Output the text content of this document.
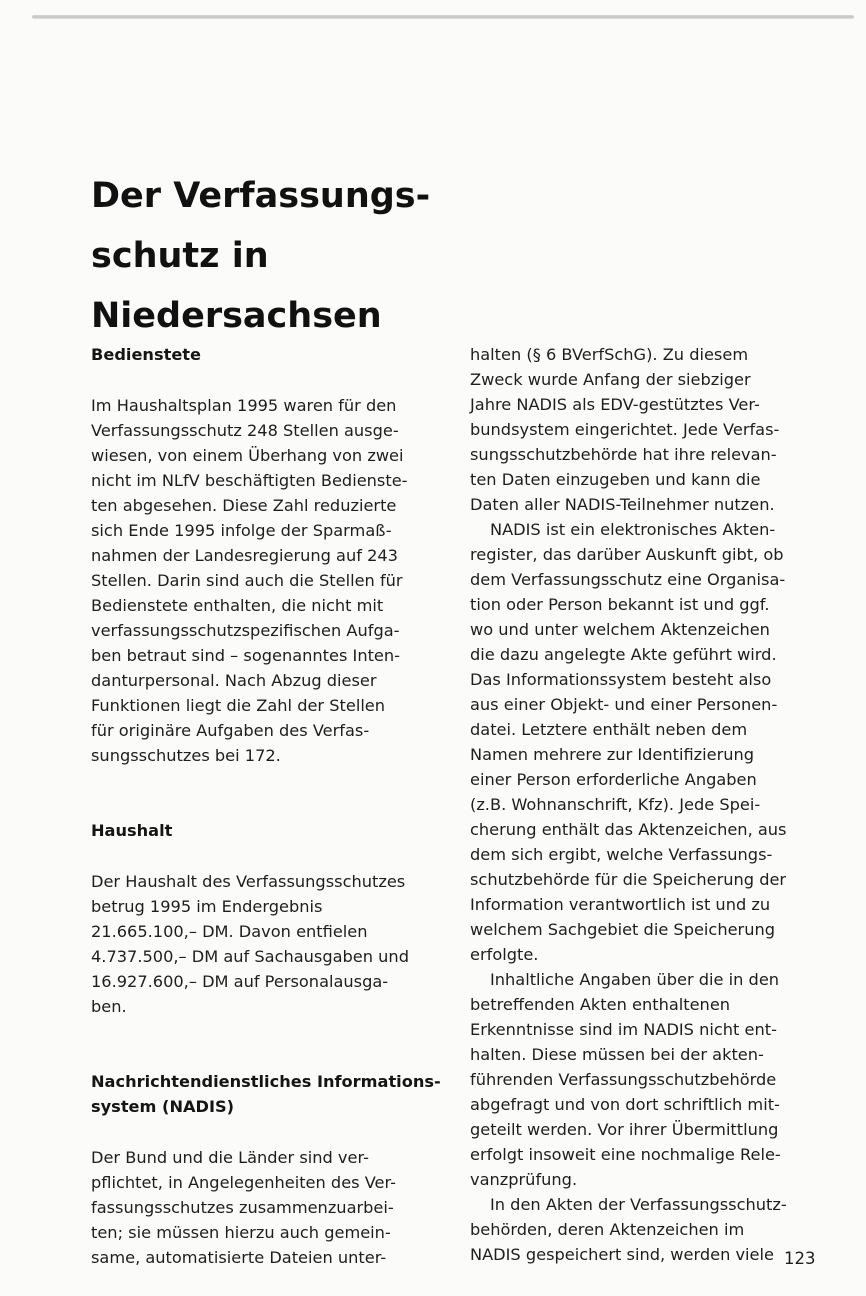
Der Verfassungs-
schutz in
Niedersachsen
Bedienstete

Im Haushaltsplan 1995 waren für den
Verfassungsschutz 248 Stellen ausge-
wiesen, von einem Überhang von zwei
nicht im NLfV beschäftigten Bedienste-
ten abgesehen. Diese Zahl reduzierte
sich Ende 1995 infolge der Sparmaß-
nahmen der Landesregierung auf 243
Stellen. Darin sind auch die Stellen für
Bedienstete enthalten, die nicht mit
verfassungsschutzspezifischen Aufga-
ben betraut sind – sogenanntes Inten-
danturpersonal. Nach Abzug dieser
Funktionen liegt die Zahl der Stellen
für originäre Aufgaben des Verfas-
sungsschutzes bei 172.

Haushalt

Der Haushalt des Verfassungsschutzes
betrug 1995 im Endergebnis
21.665.100,– DM. Davon entfielen
4.737.500,– DM auf Sachausgaben und
16.927.600,– DM auf Personalausga-
ben.

Nachrichtendienstliches Informations-
system (NADIS)

Der Bund und die Länder sind ver-
pflichtet, in Angelegenheiten des Ver-
fassungsschutzes zusammenzuarbei-
ten; sie müssen hierzu auch gemein-
same, automatisierte Dateien unter-

halten (§ 6 BVerfSchG). Zu diesem
Zweck wurde Anfang der siebziger
Jahre NADIS als EDV-gestütztes Ver-
bundsystem eingerichtet. Jede Verfas-
sungsschutzbehörde hat ihre relevan-
ten Daten einzugeben und kann die
Daten aller NADIS-Teilnehmer nutzen.

NADIS ist ein elektronisches Akten-
register, das darüber Auskunft gibt, ob
dem Verfassungsschutz eine Organisa-
tion oder Person bekannt ist und ggf.
wo und unter welchem Aktenzeichen
die dazu angelegte Akte geführt wird.
Das Informationssystem besteht also
aus einer Objekt- und einer Personen-
datei. Letztere enthält neben dem
Namen mehrere zur Identifizierung
einer Person erforderliche Angaben
(z.B. Wohnanschrift, Kfz). Jede Spei-
cherung enthält das Aktenzeichen, aus
dem sich ergibt, welche Verfassungs-
schutzbehörde für die Speicherung der
Information verantwortlich ist und zu
welchem Sachgebiet die Speicherung
erfolgte.

Inhaltliche Angaben über die in den
betreffenden Akten enthaltenen
Erkenntnisse sind im NADIS nicht ent-
halten. Diese müssen bei der akten-
führenden Verfassungsschutzbehörde
abgefragt und von dort schriftlich mit-
geteilt werden. Vor ihrer Übermittlung
erfolgt insoweit eine nochmalige Rele-
vanzprüfung.

In den Akten der Verfassungsschutz-
behörden, deren Aktenzeichen im
NADIS gespeichert sind, werden viele 123
